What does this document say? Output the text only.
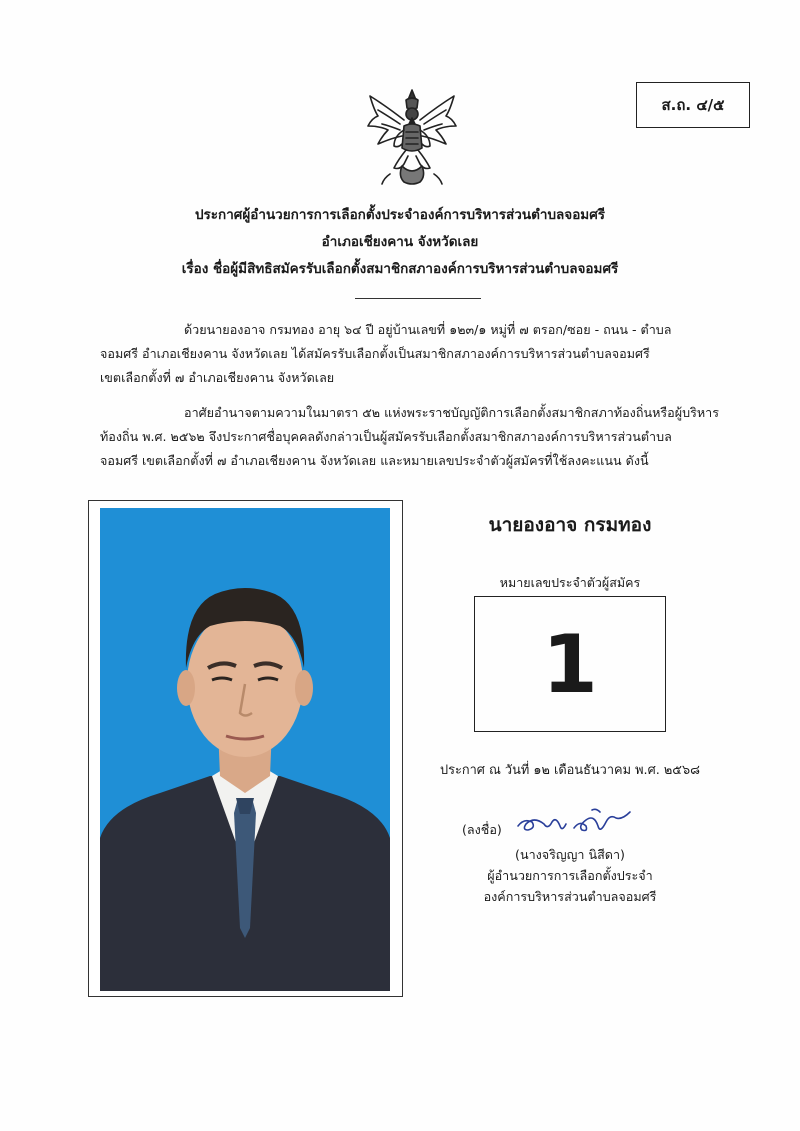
ส.ถ. ๔/๕
ประกาศผู้อำนวยการการเลือกตั้งประจำองค์การบริหารส่วนตำบลจอมศรี
อำเภอเชียงคาน จังหวัดเลย
เรื่อง ชื่อผู้มีสิทธิสมัครรับเลือกตั้งสมาชิกสภาองค์การบริหารส่วนตำบลจอมศรี
ด้วยนายองอาจ กรมทอง อายุ ๖๔ ปี อยู่บ้านเลขที่ ๑๒๓/๑ หมู่ที่ ๗ ตรอก/ซอย - ถนน - ตำบล
จอมศรี อำเภอเชียงคาน จังหวัดเลย ได้สมัครรับเลือกตั้งเป็นสมาชิกสภาองค์การบริหารส่วนตำบลจอมศรี
เขตเลือกตั้งที่ ๗ อำเภอเชียงคาน จังหวัดเลย
อาศัยอำนาจตามความในมาตรา ๕๒ แห่งพระราชบัญญัติการเลือกตั้งสมาชิกสภาท้องถิ่นหรือผู้บริหาร
ท้องถิ่น พ.ศ. ๒๕๖๒ จึงประกาศชื่อบุคคลดังกล่าวเป็นผู้สมัครรับเลือกตั้งสมาชิกสภาองค์การบริหารส่วนตำบล
จอมศรี เขตเลือกตั้งที่ ๗ อำเภอเชียงคาน จังหวัดเลย และหมายเลขประจำตัวผู้สมัครที่ใช้ลงคะแนน ดังนี้
นายองอาจ กรมทอง
หมายเลขประจำตัวผู้สมัคร
1
ประกาศ ณ วันที่ ๑๒ เดือนธันวาคม พ.ศ. ๒๕๖๘
(ลงชื่อ)
(นางจริญญา นิสีดา)
ผู้อำนวยการการเลือกตั้งประจำ
องค์การบริหารส่วนตำบลจอมศรี
